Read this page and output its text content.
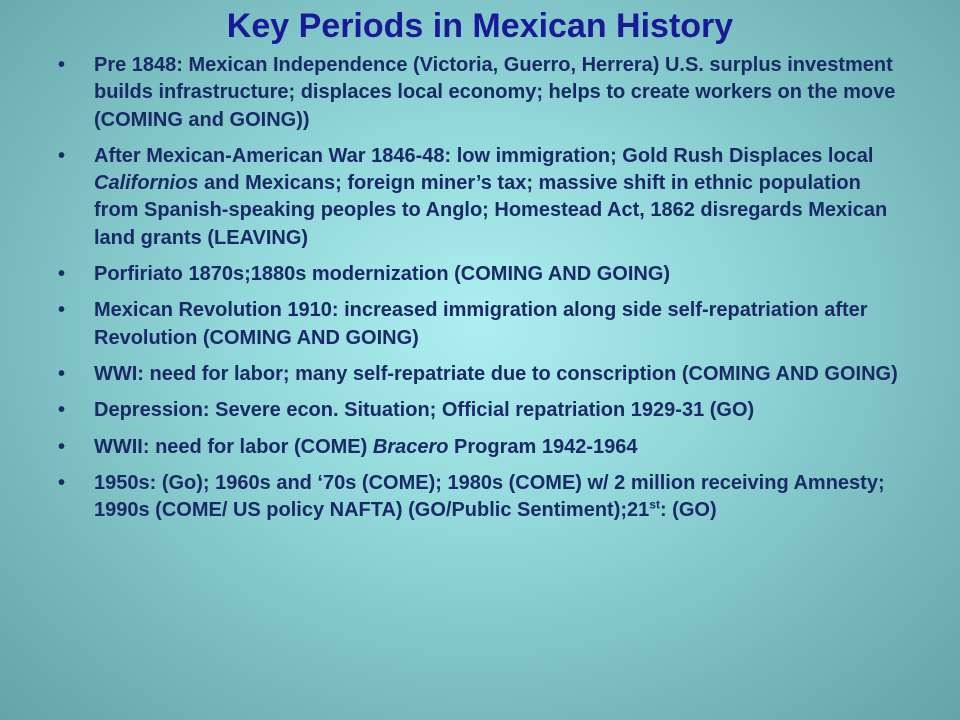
Key Periods in Mexican History
• Pre 1848: Mexican Independence (Victoria, Guerro, Herrera) U.S. surplus investment builds infrastructure; displaces local economy; helps to create workers on the move (COMING and GOING))
• After Mexican-American War 1846-48: low immigration; Gold Rush Displaces local Californios and Mexicans; foreign miner’s tax; massive shift in ethnic population from Spanish-speaking peoples to Anglo; Homestead Act, 1862 disregards Mexican land grants (LEAVING)
• Porfiriato 1870s;1880s modernization (COMING AND GOING)
• Mexican Revolution 1910: increased immigration along side self-repatriation after Revolution (COMING AND GOING)
• WWI: need for labor; many self-repatriate due to conscription (COMING AND GOING)
• Depression: Severe econ. Situation; Official repatriation 1929-31 (GO)
• WWII: need for labor (COME) Bracero Program 1942-1964
• 1950s: (Go); 1960s and ‘70s (COME); 1980s (COME) w/ 2 million receiving Amnesty; 1990s (COME/ US policy NAFTA) (GO/Public Sentiment);21st: (GO)
